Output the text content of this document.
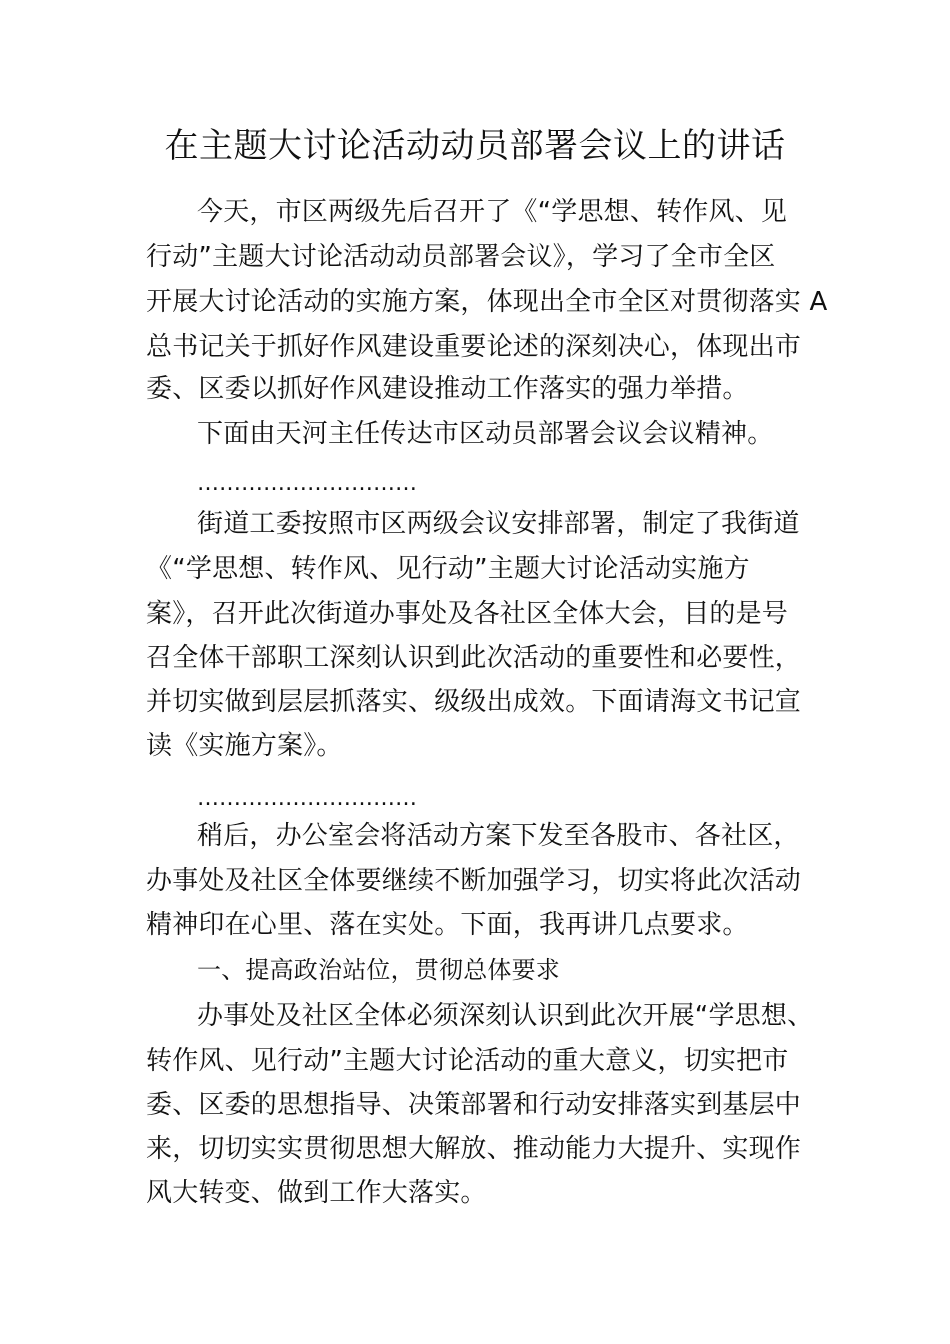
在主题大讨论活动动员部署会议上的讲话
今天，市区两级先后召开了《“学思想、转作风、见
行动”主题大讨论活动动员部署会议》，学习了全市全区
开展大讨论活动的实施方案，体现出全市全区对贯彻落实 A
总书记关于抓好作风建设重要论述的深刻决心，体现出市
委、区委以抓好作风建设推动工作落实的强力举措。
下面由天河主任传达市区动员部署会议会议精神。
…………………………
街道工委按照市区两级会议安排部署，制定了我街道
《“学思想、转作风、见行动”主题大讨论活动实施方
案》，召开此次街道办事处及各社区全体大会，目的是号
召全体干部职工深刻认识到此次活动的重要性和必要性，
并切实做到层层抓落实、级级出成效。下面请海文书记宣
读《实施方案》。
…………………………
稍后，办公室会将活动方案下发至各股市、各社区，
办事处及社区全体要继续不断加强学习，切实将此次活动
精神印在心里、落在实处。下面，我再讲几点要求。
一、提高政治站位，贯彻总体要求
办事处及社区全体必须深刻认识到此次开展“学思想、
转作风、见行动”主题大讨论活动的重大意义，切实把市
委、区委的思想指导、决策部署和行动安排落实到基层中
来，切切实实贯彻思想大解放、推动能力大提升、实现作
风大转变、做到工作大落实。
